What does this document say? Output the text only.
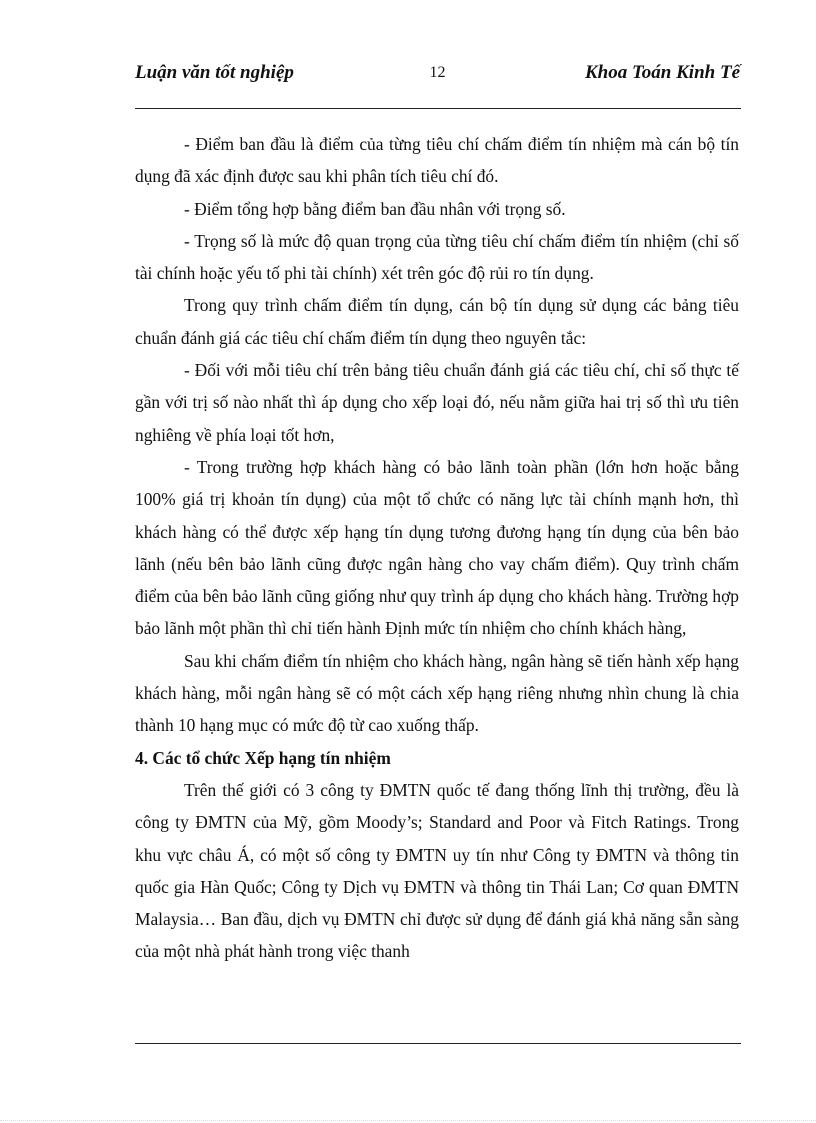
Luận văn tốt nghiệp	12	Khoa Toán Kinh Tế

- Điểm ban đầu là điểm của từng tiêu chí chấm điểm tín nhiệm mà cán bộ tín dụng đã xác định được sau khi phân tích tiêu chí đó.

- Điểm tổng hợp bằng điểm ban đầu nhân với trọng số.

- Trọng số là mức độ quan trọng của từng tiêu chí chấm điểm tín nhiệm (chỉ số tài chính hoặc yếu tố phi tài chính) xét trên góc độ rủi ro tín dụng.

Trong quy trình chấm điểm tín dụng, cán bộ tín dụng sử dụng các bảng tiêu chuẩn đánh giá các tiêu chí chấm điểm tín dụng theo nguyên tắc:

- Đối với mỗi tiêu chí trên bảng tiêu chuẩn đánh giá các tiêu chí, chỉ số thực tế gần với trị số nào nhất thì áp dụng cho xếp loại đó, nếu nằm giữa hai trị số thì ưu tiên nghiêng về phía loại tốt hơn,

- Trong trường hợp khách hàng có bảo lãnh toàn phần (lớn hơn hoặc bằng 100% giá trị khoản tín dụng) của một tổ chức có năng lực tài chính mạnh hơn, thì khách hàng có thể được xếp hạng tín dụng tương đương hạng tín dụng của bên bảo lãnh (nếu bên bảo lãnh cũng được ngân hàng cho vay chấm điểm). Quy trình chấm điểm của bên bảo lãnh cũng giống như quy trình áp dụng cho khách hàng. Trường hợp bảo lãnh một phần thì chỉ tiến hành Định mức tín nhiệm cho chính khách hàng,

Sau khi chấm điểm tín nhiệm cho khách hàng, ngân hàng sẽ tiến hành xếp hạng khách hàng, mỗi ngân hàng sẽ có một cách xếp hạng riêng nhưng nhìn chung là chia thành 10 hạng mục có mức độ từ cao xuống thấp.

4. Các tổ chức Xếp hạng tín nhiệm

Trên thế giới có 3 công ty ĐMTN quốc tế đang thống lĩnh thị trường, đều là công ty ĐMTN của Mỹ, gồm Moody’s; Standard and Poor và Fitch Ratings. Trong khu vực châu Á, có một số công ty ĐMTN uy tín như Công ty ĐMTN và thông tin quốc gia Hàn Quốc; Công ty Dịch vụ ĐMTN và thông tin Thái Lan; Cơ quan ĐMTN Malaysia… Ban đầu, dịch vụ ĐMTN chỉ được sử dụng để đánh giá khả năng sẵn sàng của một nhà phát hành trong việc thanh
